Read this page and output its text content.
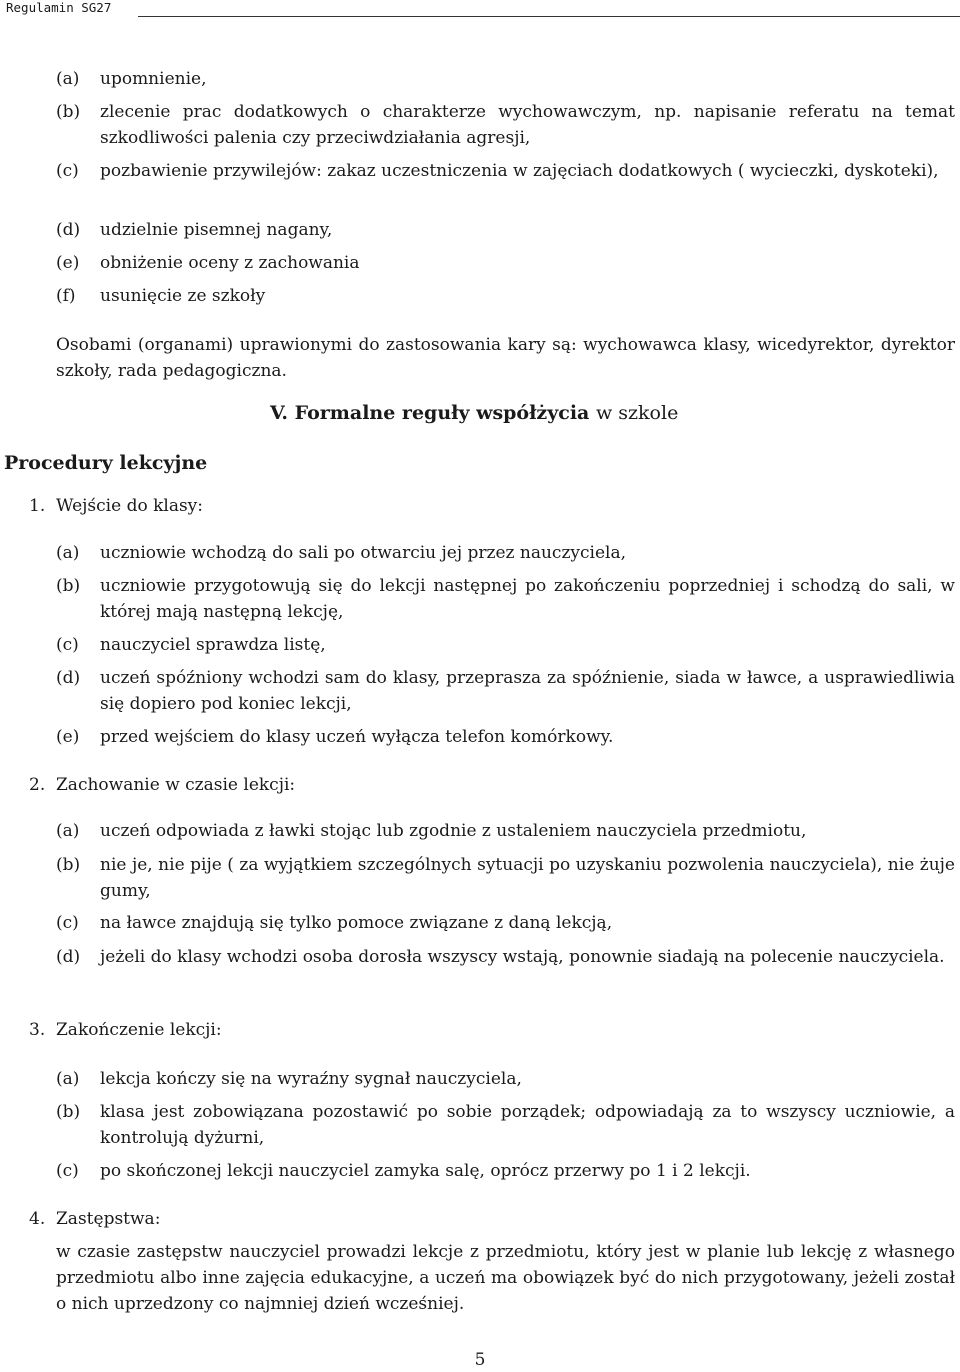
Regulamin SG27
(a) upomnienie,
(b) zlecenie prac dodatkowych o charakterze wychowawczym, np. napisanie referatu na temat szkodliwości palenia czy przeciwdziałania agresji,
(c) pozbawienie przywilejów: zakaz uczestniczenia w zajęciach dodatkowych ( wycieczki, dyskoteki),
(d) udzielnie pisemnej nagany,
(e) obniżenie oceny z zachowania
(f) usunięcie ze szkoły
Osobami (organami) uprawionymi do zastosowania kary są: wychowawca klasy, wicedyrektor, dyrektor szkoły, rada pedagogiczna.
V. Formalne reguły współżycia w szkole
Procedury lekcyjne
1. Wejście do klasy:
(a) uczniowie wchodzą do sali po otwarciu jej przez nauczyciela,
(b) uczniowie przygotowują się do lekcji następnej po zakończeniu poprzedniej i schodzą do sali, w której mają następną lekcję,
(c) nauczyciel sprawdza listę,
(d) uczeń spóźniony wchodzi sam do klasy, przeprasza za spóźnienie, siada w ławce, a usprawiedliwia się dopiero pod koniec lekcji,
(e) przed wejściem do klasy uczeń wyłącza telefon komórkowy.
2. Zachowanie w czasie lekcji:
(a) uczeń odpowiada z ławki stojąc lub zgodnie z ustaleniem nauczyciela przedmiotu,
(b) nie je, nie pije ( za wyjątkiem szczególnych sytuacji po uzyskaniu pozwolenia nauczyciela), nie żuje gumy,
(c) na ławce znajdują się tylko pomoce związane z daną lekcją,
(d) jeżeli do klasy wchodzi osoba dorosła wszyscy wstają, ponownie siadają na polecenie nauczyciela.
3. Zakończenie lekcji:
(a) lekcja kończy się na wyraźny sygnał nauczyciela,
(b) klasa jest zobowiązana pozostawić po sobie porządek; odpowiadają za to wszyscy uczniowie, a kontrolują dyżurni,
(c) po skończonej lekcji nauczyciel zamyka salę, oprócz przerwy po 1 i 2 lekcji.
4. Zastępstwa:
w czasie zastępstw nauczyciel prowadzi lekcje z przedmiotu, który jest w planie lub lekcję z własnego przedmiotu albo inne zajęcia edukacyjne, a uczeń ma obowiązek być do nich przygotowany, jeżeli został o nich uprzedzony co najmniej dzień wcześniej.
5
